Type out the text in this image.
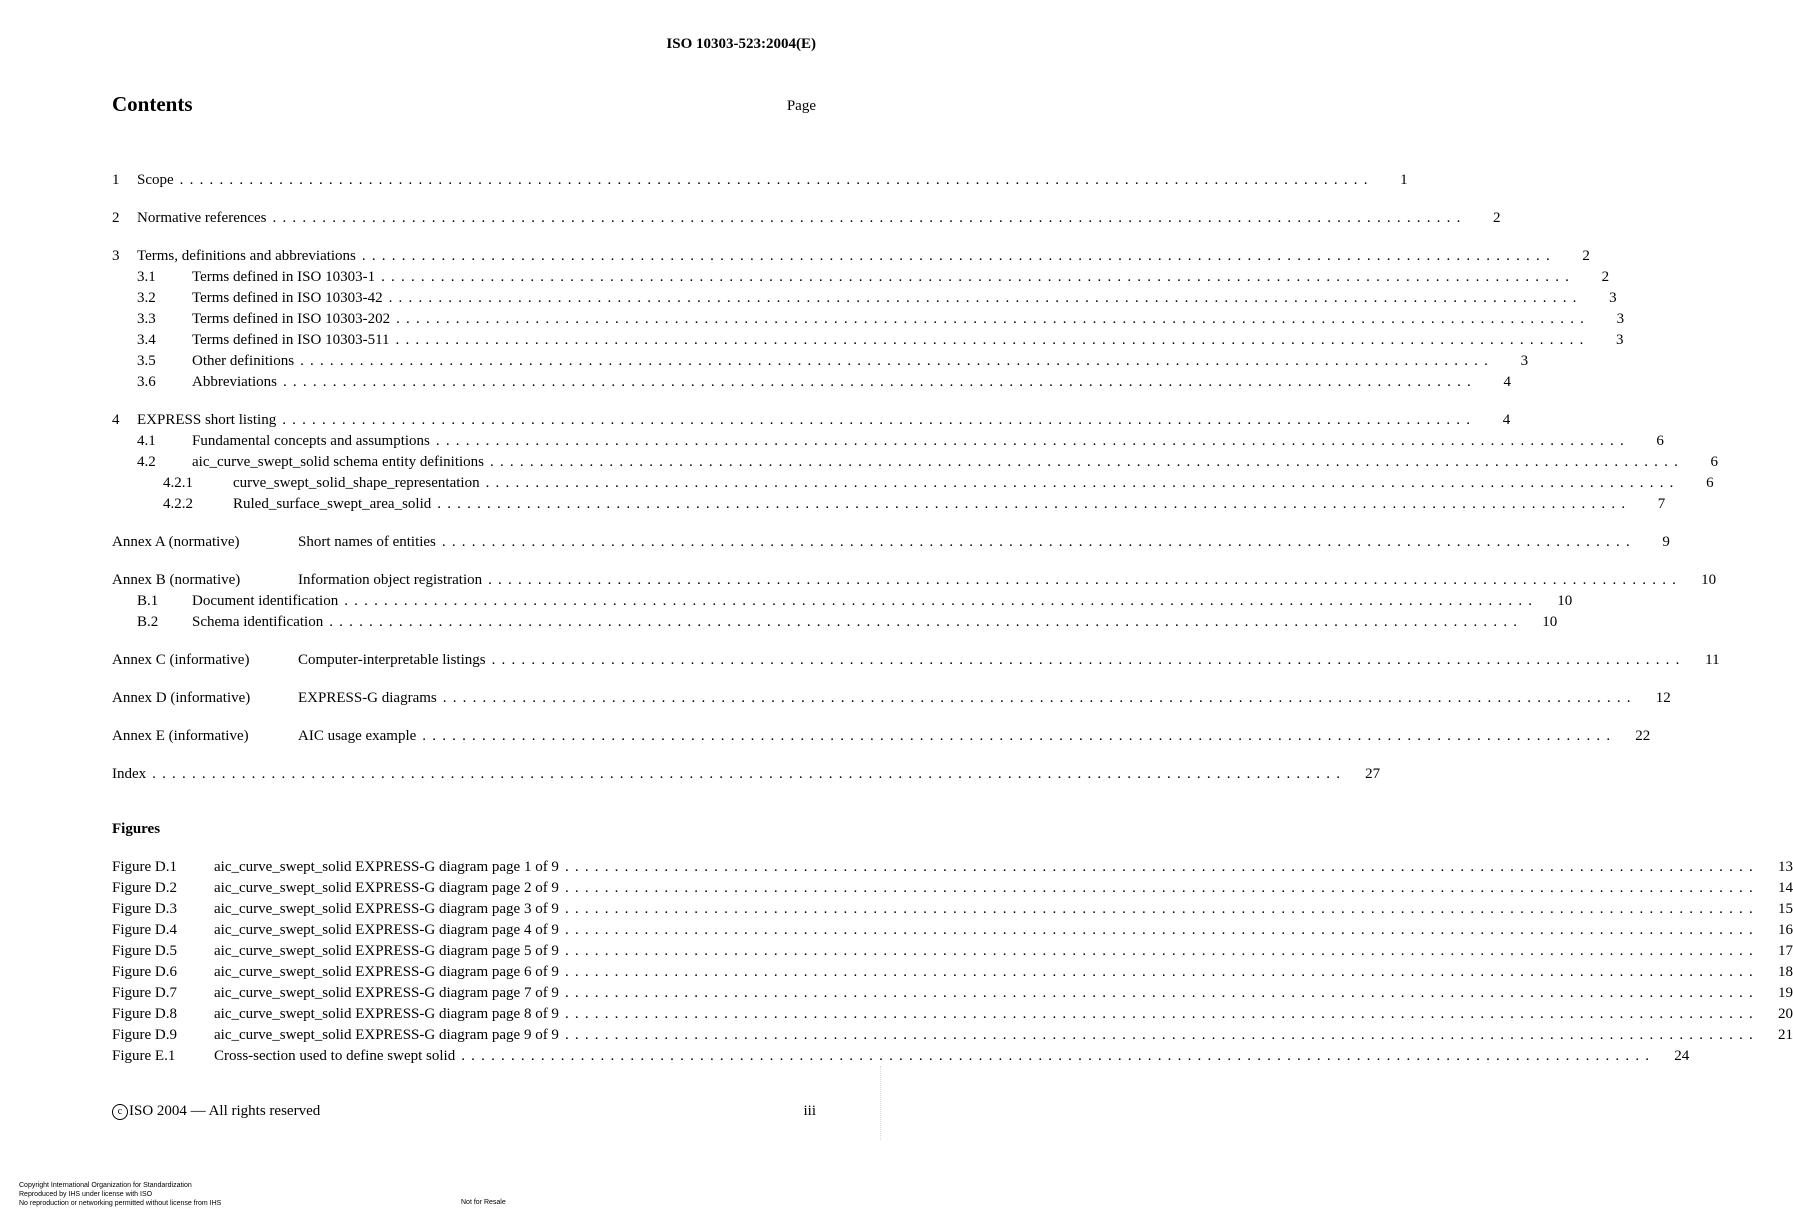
ISO 10303-523:2004(E)
Contents	Page
1	Scope ........................................................................................................................	1
2	Normative references ........................................................................................................................	2
3	Terms, definitions and abbreviations ........................................................................................................................	2
3.1	Terms defined in ISO 10303-1 ........................................................................................................................	2
3.2	Terms defined in ISO 10303-42 ........................................................................................................................	3
3.3	Terms defined in ISO 10303-202 ........................................................................................................................	3
3.4	Terms defined in ISO 10303-511 ........................................................................................................................	3
3.5	Other definitions ........................................................................................................................	3
3.6	Abbreviations ........................................................................................................................	4
4	EXPRESS short listing ........................................................................................................................	4
4.1	Fundamental concepts and assumptions ........................................................................................................................	6
4.2	aic_curve_swept_solid schema entity definitions ........................................................................................................................	6
4.2.1	curve_swept_solid_shape_representation ........................................................................................................................	6
4.2.2	Ruled_surface_swept_area_solid ........................................................................................................................	7
Annex A (normative)	Short names of entities ........................................................................................................................	9
Annex B (normative)	Information object registration ........................................................................................................................	10
B.1	Document identification ........................................................................................................................	10
B.2	Schema identification ........................................................................................................................	10
Annex C (informative)	Computer-interpretable listings ........................................................................................................................	11
Annex D (informative)	EXPRESS-G diagrams ........................................................................................................................	12
Annex E (informative)	AIC usage example ........................................................................................................................	22
Index ........................................................................................................................	27
Figures
Figure D.1	aic_curve_swept_solid EXPRESS-G diagram page 1 of 9 ........................................................................................................................	13
Figure D.2	aic_curve_swept_solid EXPRESS-G diagram page 2 of 9 ........................................................................................................................	14
Figure D.3	aic_curve_swept_solid EXPRESS-G diagram page 3 of 9 ........................................................................................................................	15
Figure D.4	aic_curve_swept_solid EXPRESS-G diagram page 4 of 9 ........................................................................................................................	16
Figure D.5	aic_curve_swept_solid EXPRESS-G diagram page 5 of 9 ........................................................................................................................	17
Figure D.6	aic_curve_swept_solid EXPRESS-G diagram page 6 of 9 ........................................................................................................................	18
Figure D.7	aic_curve_swept_solid EXPRESS-G diagram page 7 of 9 ........................................................................................................................	19
Figure D.8	aic_curve_swept_solid EXPRESS-G diagram page 8 of 9 ........................................................................................................................	20
Figure D.9	aic_curve_swept_solid EXPRESS-G diagram page 9 of 9 ........................................................................................................................	21
Figure E.1	Cross-section used to define swept solid ........................................................................................................................	24
c ISO 2004 — All rights reserved	iii
Copyright International Organization for Standardization
Reproduced by IHS under license with ISO
No reproduction or networking permitted without license from IHS	Not for Resale
